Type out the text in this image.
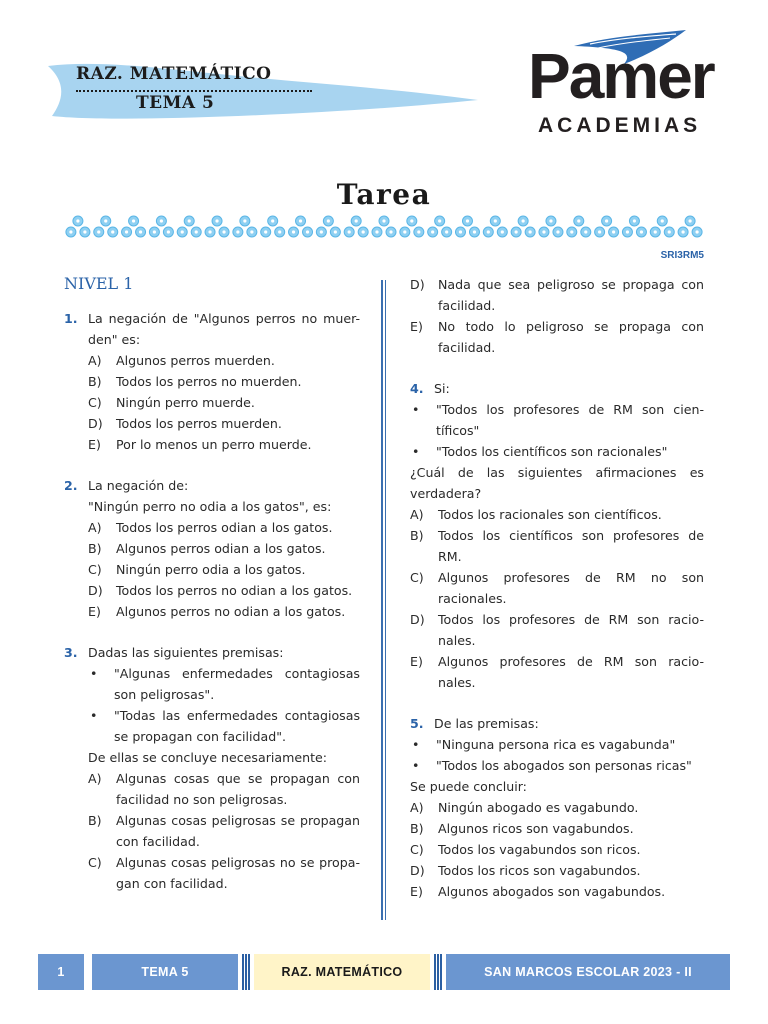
RAZ. MATEMÁTICO
TEMA 5	Pamer
ACADEMIAS
Tarea
SRI3RM5
NIVEL 1
1. La negación de "Algunos perros no muer-den" es:
A)	Algunos perros muerden.
B)	Todos los perros no muerden.
C)	Ningún perro muerde.
D)	Todos los perros muerden.
E)	Por lo menos un perro muerde.
2. La negación de:
"Ningún perro no odia a los gatos", es:
A)	Todos los perros odian a los gatos.
B)	Algunos perros odian a los gatos.
C)	Ningún perro odia a los gatos.
D)	Todos los perros no odian a los gatos.
E)	Algunos perros no odian a los gatos.
3. Dadas las siguientes premisas:
•	"Algunas enfermedades contagiosas son peligrosas".
•	"Todas las enfermedades contagiosas se propagan con facilidad".
De ellas se concluye necesariamente:
A)	Algunas cosas que se propagan con facilidad no son peligrosas.
B)	Algunas cosas peligrosas se propagan con facilidad.
C)	Algunas cosas peligrosas no se propa-gan con facilidad.
D)	Nada que sea peligroso se propaga con facilidad.
E)	No todo lo peligroso se propaga con facilidad.
4. Si:
•	"Todos los profesores de RM son cien-tíficos"
•	"Todos los científicos son racionales"
¿Cuál de las siguientes afirmaciones es verdadera?
A)	Todos los racionales son científicos.
B)	Todos los científicos son profesores de RM.
C)	Algunos profesores de RM no son racionales.
D)	Todos los profesores de RM son racio-nales.
E)	Algunos profesores de RM son racio-nales.
5. De las premisas:
•	"Ninguna persona rica es vagabunda"
•	"Todos los abogados son personas ricas"
Se puede concluir:
A)	Ningún abogado es vagabundo.
B)	Algunos ricos son vagabundos.
C)	Todos los vagabundos son ricos.
D)	Todos los ricos son vagabundos.
E)	Algunos abogados son vagabundos.
1	TEMA 5	RAZ. MATEMÁTICO	SAN MARCOS ESCOLAR 2023 - II
